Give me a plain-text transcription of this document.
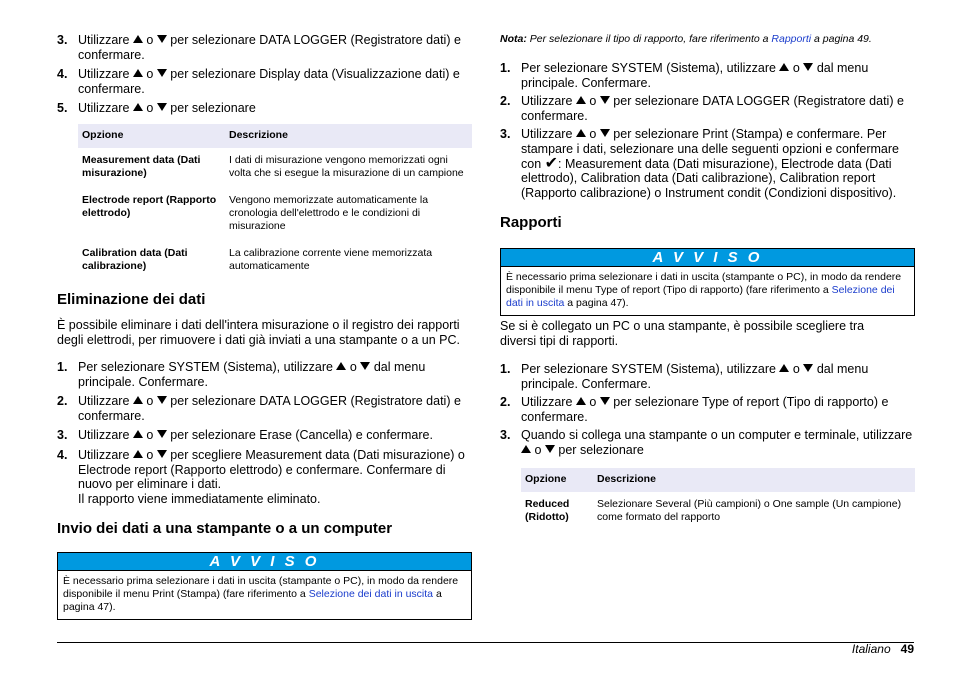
3. Utilizzare o per selezionare DATA LOGGER (Registratore dati) e confermare.
4. Utilizzare o per selezionare Display data (Visualizzazione dati) e confermare.
5. Utilizzare o per selezionare
Opzione	Descrizione
Measurement data (Dati misurazione)	I dati di misurazione vengono memorizzati ogni volta che si esegue la misurazione di un campione
Electrode report (Rapporto elettrodo)	Vengono memorizzate automaticamente la cronologia dell'elettrodo e le condizioni di misurazione
Calibration data (Dati calibrazione)	La calibrazione corrente viene memorizzata automaticamente
Eliminazione dei dati

È possibile eliminare i dati dell'intera misurazione o il registro dei rapporti degli elettrodi, per rimuovere i dati già inviati a una stampante o a un PC.

1. Per selezionare SYSTEM (Sistema), utilizzare o dal menu principale. Confermare.
2. Utilizzare o per selezionare DATA LOGGER (Registratore dati) e confermare.
3. Utilizzare o per selezionare Erase (Cancella) e confermare.
4. Utilizzare o per scegliere Measurement data (Dati misurazione) o Electrode report (Rapporto elettrodo) e confermare. Confermare di nuovo per eliminare i dati.
Il rapporto viene immediatamente eliminato.
Invio dei dati a una stampante o a un computer
A V V I S O
È necessario prima selezionare i dati in uscita (stampante o PC), in modo da rendere disponibile il menu Print (Stampa) (fare riferimento a Selezione dei dati in uscita a pagina 47).
Nota: Per selezionare il tipo di rapporto, fare riferimento a Rapporti a pagina 49.
1. Per selezionare SYSTEM (Sistema), utilizzare o dal menu principale. Confermare.
2. Utilizzare o per selezionare DATA LOGGER (Registratore dati) e confermare.
3. Utilizzare o per selezionare Print (Stampa) e confermare. Per stampare i dati, selezionare una delle seguenti opzioni e confermare con ✔: Measurement data (Dati misurazione), Electrode data (Dati elettrodo), Calibration data (Dati calibrazione), Calibration report (Rapporto calibrazione) o Instrument condit (Condizioni dispositivo).
Rapporti
A V V I S O
È necessario prima selezionare i dati in uscita (stampante o PC), in modo da rendere disponibile il menu Type of report (Tipo di rapporto) (fare riferimento a Selezione dei dati in uscita a pagina 47).

Se si è collegato un PC o una stampante, è possibile scegliere tra diversi tipi di rapporti.

1. Per selezionare SYSTEM (Sistema), utilizzare o dal menu principale. Confermare.
2. Utilizzare o per selezionare Type of report (Tipo di rapporto) e confermare.
3. Quando si collega una stampante o un computer e terminale, utilizzare  o per selezionare
Opzione	Descrizione
Reduced (Ridotto)	Selezionare Several (Più campioni) o One sample (Un campione) come formato del rapporto
Italiano 49
